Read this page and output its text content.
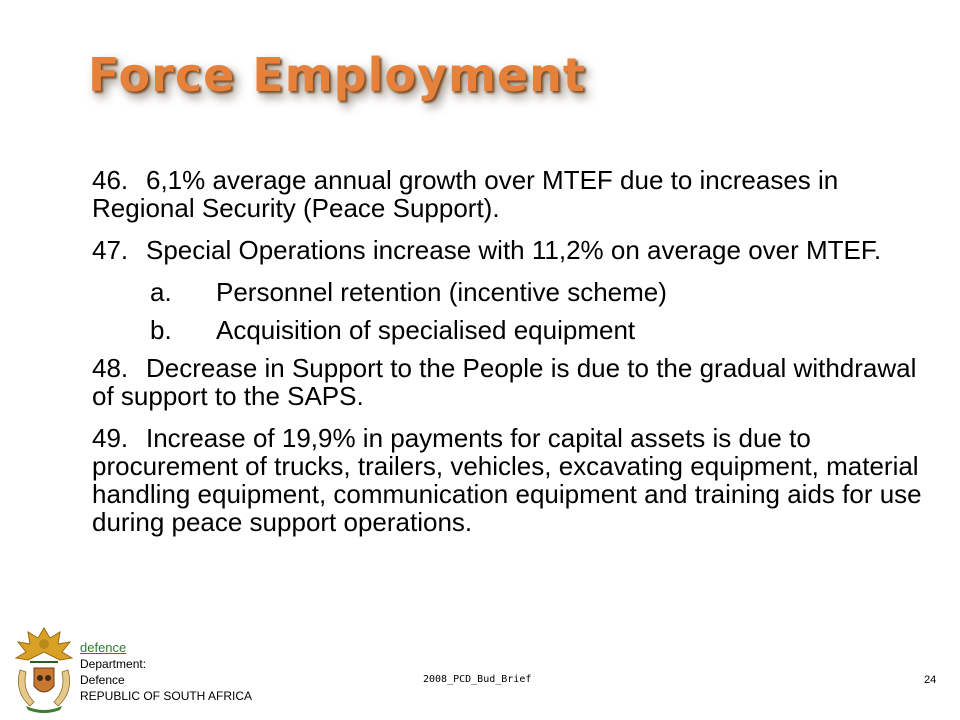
Force Employment
46. 6,1% average annual growth over MTEF due to increases in Regional Security (Peace Support).
47. Special Operations increase with 11,2% on average over MTEF.
a. Personnel retention (incentive scheme)
b. Acquisition of specialised equipment
48. Decrease in Support to the People is due to the gradual withdrawal of support to the SAPS.
49. Increase of 19,9% in payments for capital assets is due to procurement of trucks, trailers, vehicles, excavating equipment, material handling equipment, communication equipment and training aids for use during peace support operations.
defence
Department:
Defence
REPUBLIC OF SOUTH AFRICA
2008_PCD_Bud_Brief	24
